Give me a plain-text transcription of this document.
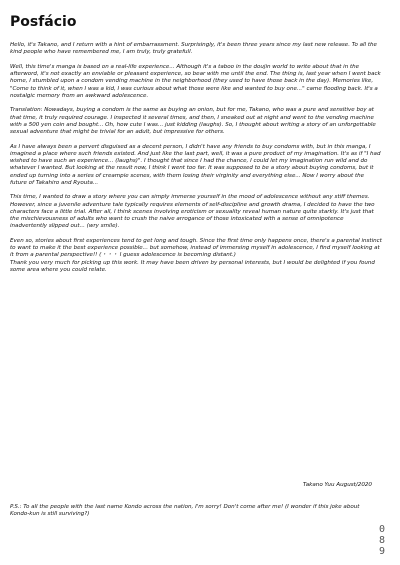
Posfácio

Hello, it's Takano, and I return with a hint of embarrassment. Surprisingly, it's been three years since my last new release. To all the kind people who have remembered me, I am truly, truly gratefull.

Well, this time's manga is based on a real-life experience... Although it's a taboo in the doujin world to write about that in the afterword, it's not exactly an enviable or pleasant experience, so bear with me until the end. The thing is, last year when I went back home, I stumbled upon a condom vending machine in the neighborhood (they used to have those back in the day). Memories like, "Come to think of it, when I was a kid, I was curious about what those were like and wanted to buy one..." came flooding back. It's a nostalgic memory from an awkward adolescence.

Translation: Nowadays, buying a condom is the same as buying an onion, but for me, Takano, who was a pure and sensitive boy at that time, it truly required courage. I inspected it several times, and then, I sneaked out at night and went to the vending machine with a 500 yen coin and bought... Oh, how cute I was... just kidding (laughs). So, I thought about writing a story of an unforgettable sexual adventure that might be trivial for an adult, but impressive for others.

As I have always been a pervert disguised as a decent person, I didn't have any friends to buy condoms with, but in this manga, I imagined a place where such friends existed. And just like the last part, well, it was a pure product of my imagination. It's as if "I had wished to have such an experience... (laughs)". I thought that since I had the chance, I could let my imagination run wild and do whatever I wanted. But looking at the result now, I think I went too far. It was supposed to be a story about buying condoms, but it ended up turning into a series of creampie scenes, with them losing their virginity and everything else... Now I worry about the future of Takahiro and Ryouta...

This time, I wanted to draw a story where you can simply immerse yourself in the mood of adolescence without any stiff themes. However, since a juvenile adventure tale typically requires elements of self-discipline and growth drama, I decided to have the two characters face a little trial. After all, I think scenes involving eroticism or sexuality reveal human nature quite starkly. It's just that the mischievousness of adults who want to crush the naive arrogance of those intoxicated with a sense of omnipotence inadvertently slipped out... (wry smile).

Even so, stories about first experiences tend to get long and tough. Since the first time only happens once, there's a parental instinct to want to make it the best experience possible... but somehow, instead of immersing myself in adolescence, I find myself looking at it from a parental perspective!! (・・・ I guess adolescence is becoming distant.)

Thank you very much for picking up this work. It may have been driven by personal interests, but I would be delighted if you found some area where you could relate.

Takano Yuu August/2020
P.S.: To all the people with the last name Kondo across the nation, I'm sorry! Don't come after me! (I wonder if this joke about Kondo-kun is still surviving?)
0
8
9
